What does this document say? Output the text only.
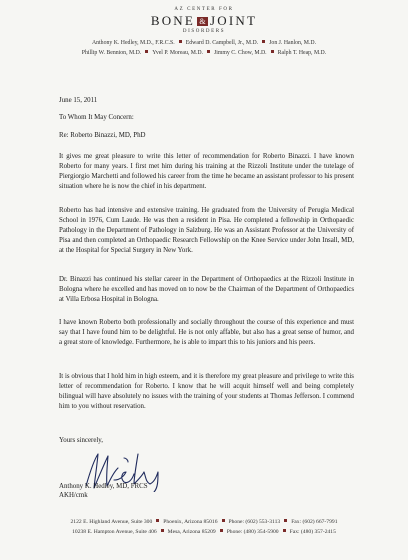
AZ CENTER FOR
BONE & JOINT
DISORDERS
Anthony K. Hedley, M.D., F.R.C.S. Edward D. Campbell, Jr., M.D. Jon J. Hanlon, M.D.
Phillip W. Bennion, M.D. Yvel P. Moreau, M.D. Jimmy C. Chow, M.D. Ralph T. Heap, M.D.
June 15, 2011
To Whom It May Concern:
Re: Roberto Binazzi, MD, PhD
It gives me great pleasure to write this letter of recommendation for Roberto Binazzi. I have known Roberto for many years. I first met him during his training at the Rizzoli Institute under the tutelage of Piergiorgio Marchetti and followed his career from the time he became an assistant professor to his present situation where he is now the chief in his department.
Roberto has had intensive and extensive training. He graduated from the University of Perugia Medical School in 1976, Cum Laude. He was then a resident in Pisa. He completed a fellowship in Orthopaedic Pathology in the Department of Pathology in Salzburg. He was an Assistant Professor at the University of Pisa and then completed an Orthopaedic Research Fellowship on the Knee Service under John Insall, MD, at the Hospital for Special Surgery in New York.
Dr. Binazzi has continued his stellar career in the Department of Orthopaedics at the Rizzoli Institute in Bologna where he excelled and has moved on to now be the Chairman of the Department of Orthopaedics at Villa Erbosa Hospital in Bologna.
I have known Roberto both professionally and socially throughout the course of this experience and must say that I have found him to be delightful. He is not only affable, but also has a great sense of humor, and a great store of knowledge. Furthermore, he is able to impart this to his juniors and his peers.
It is obvious that I hold him in high esteem, and it is therefore my great pleasure and privilege to write this letter of recommendation for Roberto. I know that he will acquit himself well and being completely bilingual will have absolutely no issues with the training of your students at Thomas Jefferson. I commend him to you without reservation.
Yours sincerely,
Anthony K. Hedley, MD, FRCS
AKH/cmk
2122 E. Highland Avenue, Suite 300 Phoenix, Arizona 85016 Phone: (602) 553-3113 Fax: (602) 667-7991
10238 E. Hampton Avenue, Suite 406 Mesa, Arizona 85209 Phone: (480) 354-5900 Fax: (480) 357-2415
